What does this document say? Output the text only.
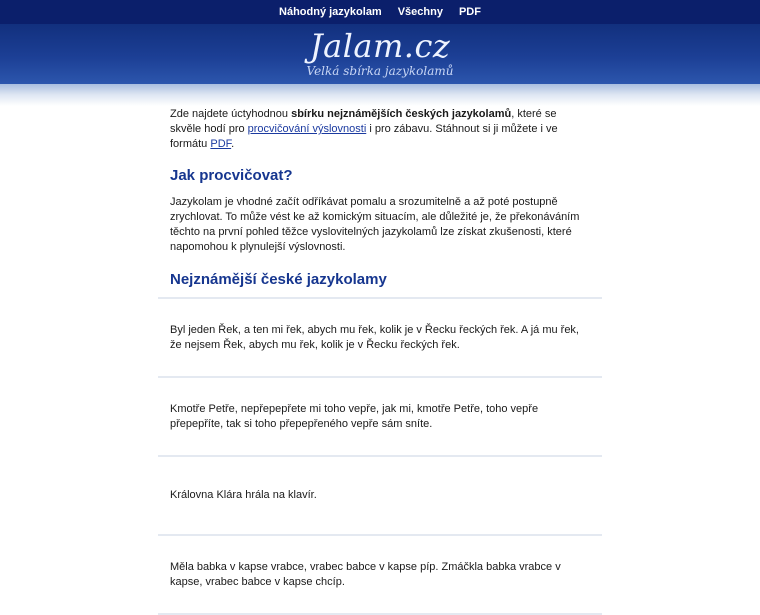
Náhodný jazykolam	Všechny	PDF
Jalam.cz
Velká sbírka jazykolamů

Zde najdete úctyhodnou sbírku nejznámějších českých jazykolamů, které se skvěle hodí pro procvičování výslovnosti i pro zábavu. Stáhnout si ji můžete i ve formátu PDF.

Jak procvičovat?

Jazykolam je vhodné začít odříkávat pomalu a srozumitelně a až poté postupně zrychlovat. To může vést ke až komickým situacím, ale důležité je, že překonáváním těchto na první pohled těžce vyslovitelných jazykolamů lze získat zkušenosti, které napomohou k plynulejší výslovnosti.

Nejznámější české jazykolamy
Byl jeden Řek, a ten mi řek, abych mu řek, kolik je v Řecku řeckých řek. A já mu řek, že nejsem Řek, abych mu řek, kolik je v Řecku řeckých řek.
Kmotře Petře, nepřepepřete mi toho vepře, jak mi, kmotře Petře, toho vepře přepepříte, tak si toho přepepřeného vepře sám sníte.
Královna Klára hrála na klavír.
Měla babka v kapse vrabce, vrabec babce v kapse píp. Zmáčkla babka vrabce v kapse, vrabec babce v kapse chcíp.
